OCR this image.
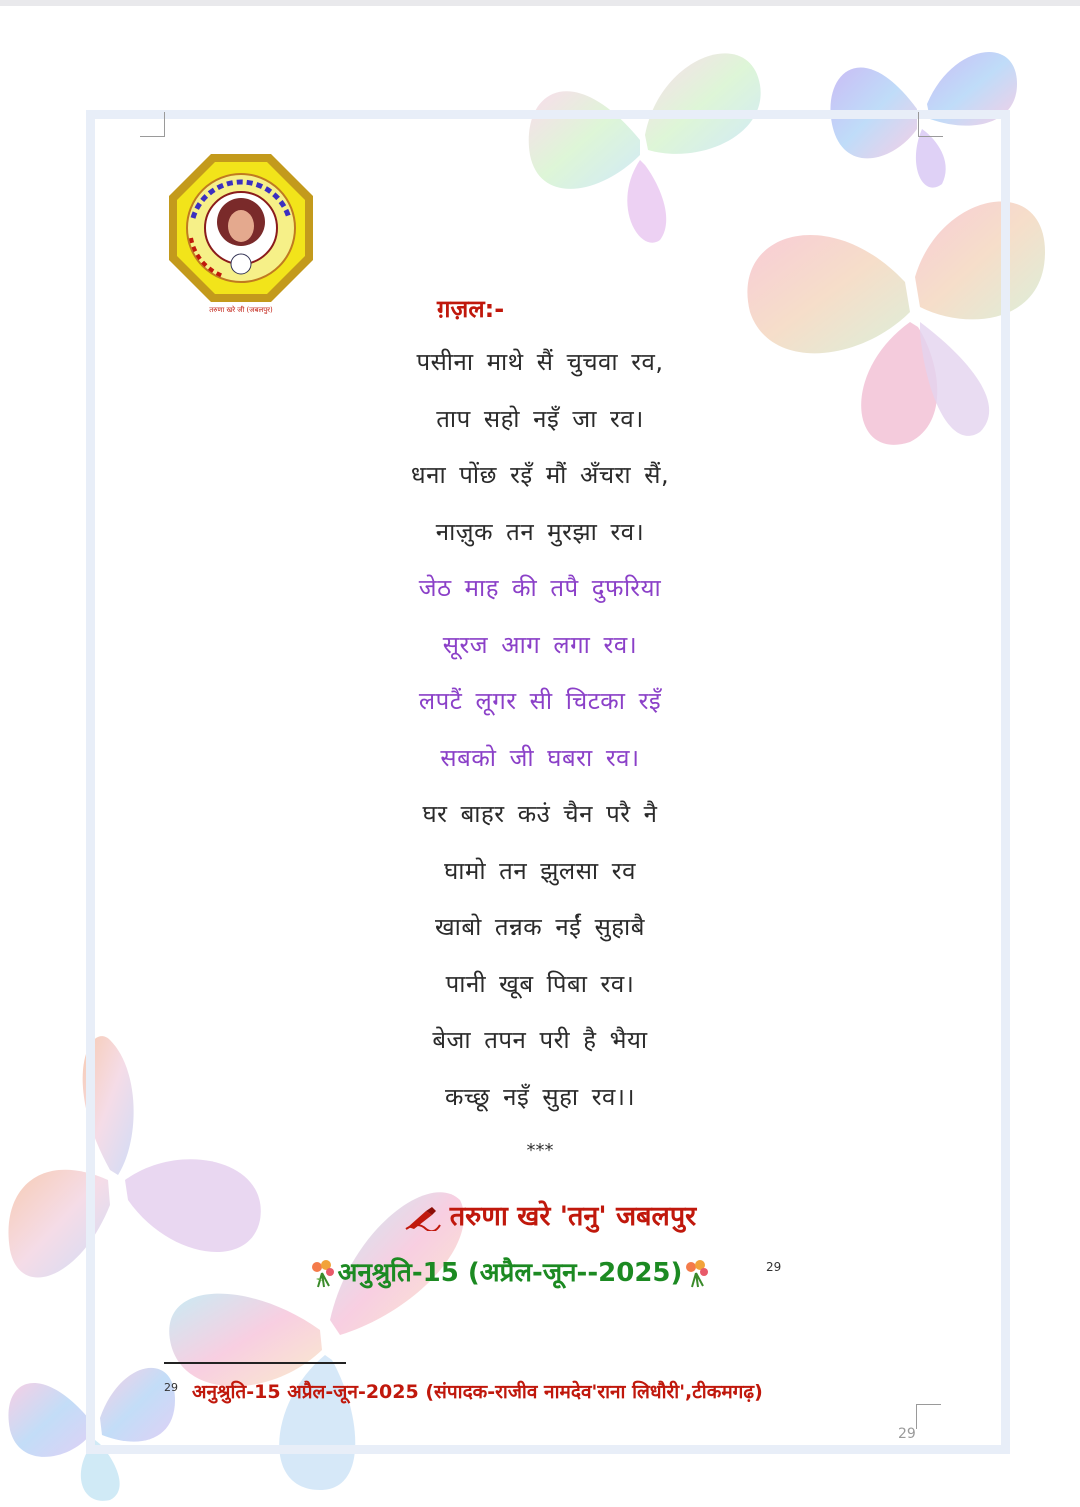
तरुणा खरे जी (जबलपुर)	ग़ज़ल:-
पसीना माथे सैं चुचवा रव,
ताप सहो नइँ जा रव।
धना पोंछ रइँ मौं अँचरा सैं,
नाज़ुक तन मुरझा रव।
जेठ माह की तपै दुफरिया
सूरज आग लगा रव।
लपटैं लूगर सी चिटका रइँ
सबको जी घबरा रव।
घर बाहर कउं चैन परै नै
घामो तन झुलसा रव
खाबो तन्नक नईं सुहाबै
पानी खूब पिबा रव।
बेजा तपन परी है भैया
कच्छू नइँ सुहा रव।।
***
तरुणा खरे 'तनु' जबलपुर
अनुश्रुति-15 (अप्रैल-जून--2025)	29
29 अनुश्रुति-15 अप्रैल-जून-2025 (संपादक-राजीव नामदेव'राना लिधौरी',टीकमगढ़)
29
